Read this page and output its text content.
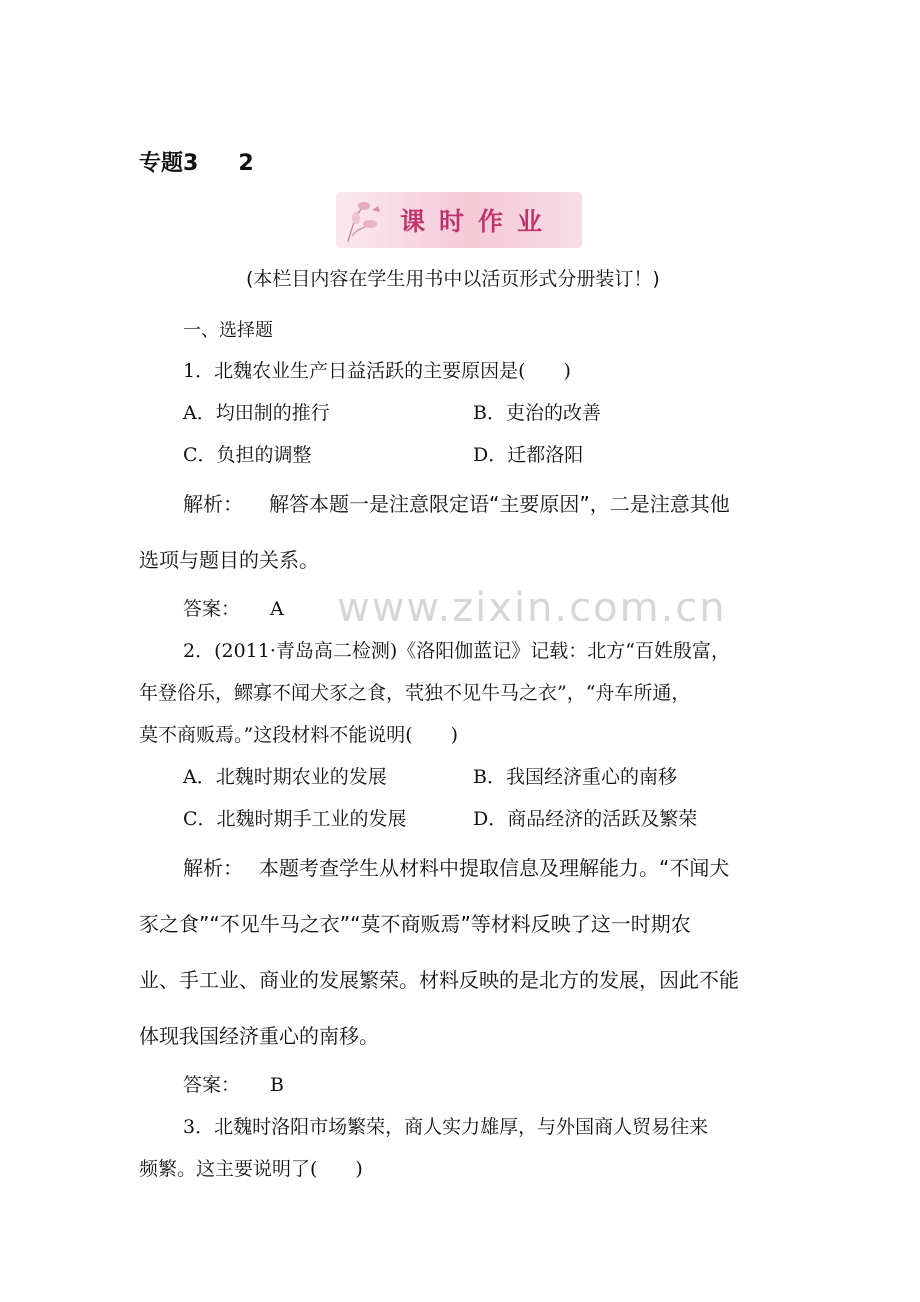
专题3 2
课时作业
(本栏目内容在学生用书中以活页形式分册装订！)
一、选择题
www.zixin.com.cn
1．北魏农业生产日益活跃的主要原因是(　　)
A．均田制的推行	B．吏治的改善
C．负担的调整	D．迁都洛阳
解析： 解答本题一是注意限定语“主要原因”，二是注意其他
选项与题目的关系。
答案： A
2．(2011·青岛高二检测)《洛阳伽蓝记》记载：北方“百姓殷富，
年登俗乐，鳏寡不闻犬豕之食，茕独不见牛马之衣”，“舟车所通，
莫不商贩焉。”这段材料不能说明(　　)
A．北魏时期农业的发展	B．我国经济重心的南移
C．北魏时期手工业的发展	D．商品经济的活跃及繁荣
解析： 本题考查学生从材料中提取信息及理解能力。“不闻犬
豕之食”“不见牛马之衣”“莫不商贩焉”等材料反映了这一时期农
业、手工业、商业的发展繁荣。材料反映的是北方的发展，因此不能
体现我国经济重心的南移。
答案： B
3．北魏时洛阳市场繁荣，商人实力雄厚，与外国商人贸易往来
频繁。这主要说明了(　　)
